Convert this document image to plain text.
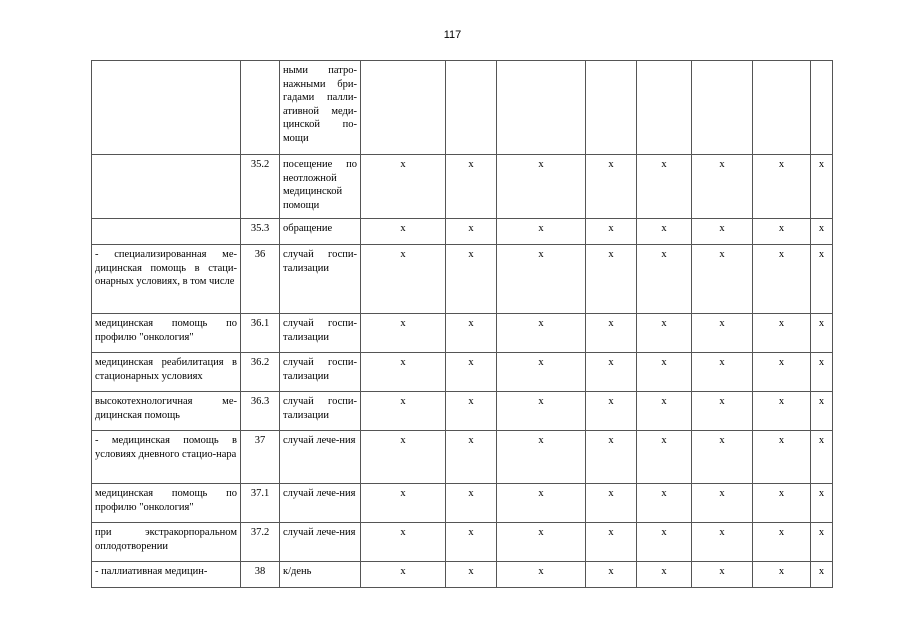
117
		ными патро-нажными бри-гадами палли-ативной меди-цинской по-мощи								
	35.2	посещение по неотложной медицинской помощи	х	х	х	х	х	х	х	х
	35.3	обращение	х	х	х	х	х	х	х	х
- специализированная ме-дицинская помощь в стаци-онарных условиях, в том числе	36	случай госпи-тализации	х	х	х	х	х	х	х	х
медицинская помощь по профилю "онкология"	36.1	случай госпи-тализации	х	х	х	х	х	х	х	х
медицинская реабилитация в стационарных условиях	36.2	случай госпи-тализации	х	х	х	х	х	х	х	х
высокотехнологичная ме-дицинская помощь	36.3	случай госпи-тализации	х	х	х	х	х	х	х	х
- медицинская помощь в условиях дневного стацио-нара	37	случай лече-ния	х	х	х	х	х	х	х	х
медицинская помощь по профилю "онкология"	37.1	случай лече-ния	х	х	х	х	х	х	х	х
при экстракорпоральном оплодотворении	37.2	случай лече-ния	х	х	х	х	х	х	х	х
- паллиативная медицин-	38	к/день	х	х	х	х	х	х	х	х
